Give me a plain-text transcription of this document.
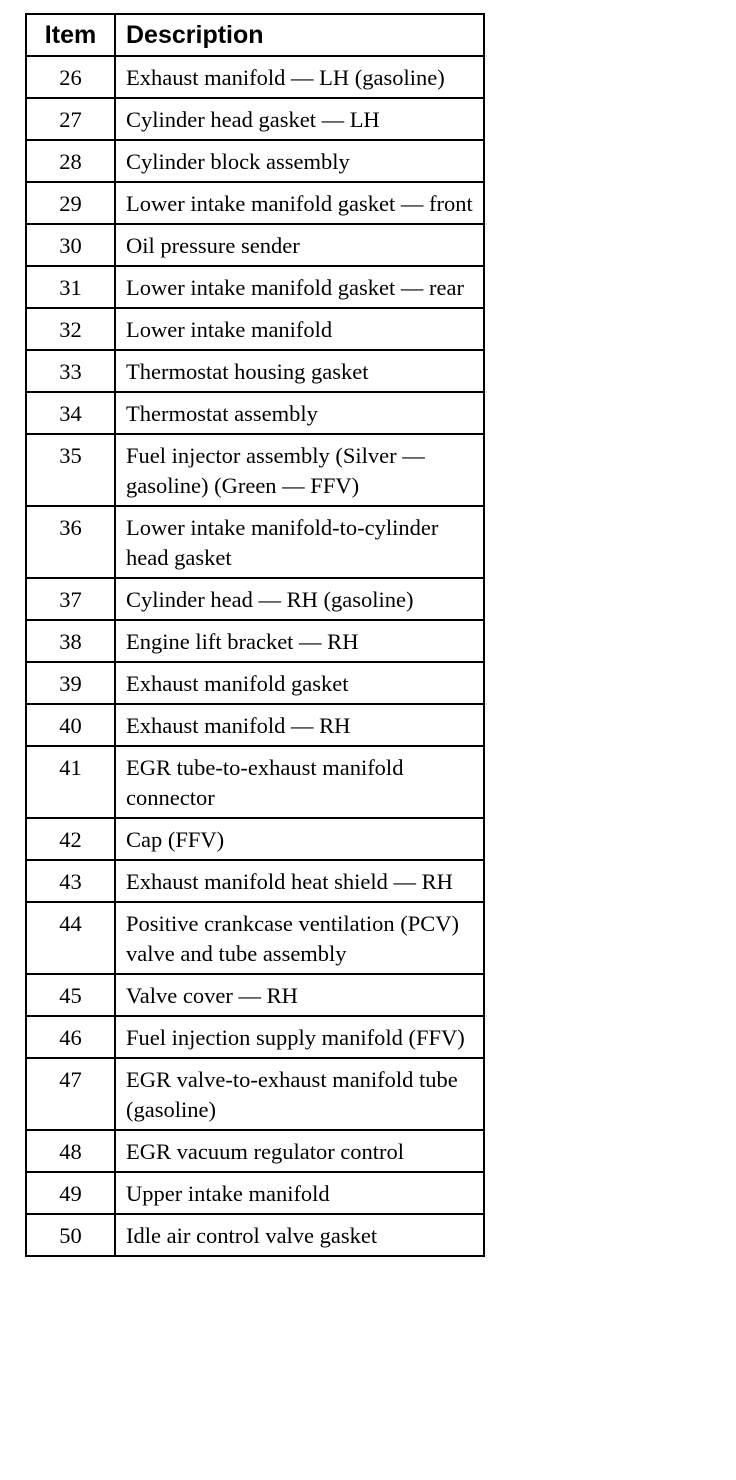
Item	Description
26	Exhaust manifold — LH (gasoline)
27	Cylinder head gasket — LH
28	Cylinder block assembly
29	Lower intake manifold gasket — front
30	Oil pressure sender
31	Lower intake manifold gasket — rear
32	Lower intake manifold
33	Thermostat housing gasket
34	Thermostat assembly
35	Fuel injector assembly (Silver — gasoline) (Green — FFV)
36	Lower intake manifold-to-cylinder head gasket
37	Cylinder head — RH (gasoline)
38	Engine lift bracket — RH
39	Exhaust manifold gasket
40	Exhaust manifold — RH
41	EGR tube-to-exhaust manifold connector
42	Cap (FFV)
43	Exhaust manifold heat shield — RH
44	Positive crankcase ventilation (PCV) valve and tube assembly
45	Valve cover — RH
46	Fuel injection supply manifold (FFV)
47	EGR valve-to-exhaust manifold tube (gasoline)
48	EGR vacuum regulator control
49	Upper intake manifold
50	Idle air control valve gasket
